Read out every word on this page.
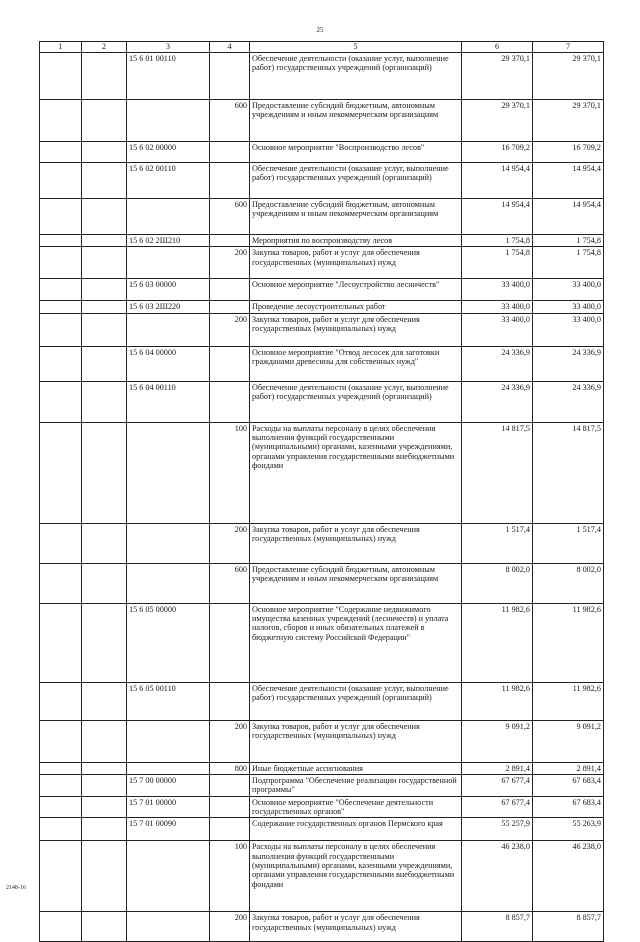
25
1	2	3	4	5	6	7
		15 6 01 00110		Обеспечение деятельности (оказание услуг, выполнение работ) государственных учреждений (организаций)	29 370,1	29 370,1
			600	Предоставление субсидий бюджетным, автономным учреждениям и иным некоммерческим организациям	29 370,1	29 370,1
		15 6 02 00000		Основное мероприятие "Воспроизводство лесов"	16 709,2	16 709,2
		15 6 02 00110		Обеспечение деятельности (оказание услуг, выполнение работ) государственных учреждений (организаций)	14 954,4	14 954,4
			600	Предоставление субсидий бюджетным, автономным учреждениям и иным некоммерческим организациям	14 954,4	14 954,4
		15 6 02 2Ш210		Мероприятия по воспроизводству лесов	1 754,8	1 754,8
			200	Закупка товаров, работ и услуг для обеспечения государственных (муниципальных) нужд	1 754,8	1 754,8
		15 6 03 00000		Основное мероприятие "Лесоустройство лесничеств"	33 400,0	33 400,0
		15 6 03 2Ш220		Проведение лесоустроительных работ	33 400,0	33 400,0
			200	Закупка товаров, работ и услуг для обеспечения государственных (муниципальных) нужд	33 400,0	33 400,0
		15 6 04 00000		Основное мероприятие "Отвод лесосек для заготовки гражданами древесины для собственных нужд"	24 336,9	24 336,9
		15 6 04 00110		Обеспечение деятельности (оказание услуг, выполнение работ) государственных учреждений (организаций)	24 336,9	24 336,9
			100	Расходы на выплаты персоналу в целях обеспечения выполнения функций государственными (муниципальными) органами, казенными учреждениями, органами управления государственными внебюджетными фондами	14 817,5	14 817,5
			200	Закупка товаров, работ и услуг для обеспечения государственных (муниципальных) нужд	1 517,4	1 517,4
			600	Предоставление субсидий бюджетным, автономным учреждениям и иным некоммерческим организациям	8 002,0	8 002,0
		15 6 05 00000		Основное мероприятие "Содержание недвижимого имущества казенных учреждений (лесничеств) и уплата налогов, сборов и иных обязательных платежей в бюджетную систему Российской Федерации"	11 982,6	11 982,6
		15 6 05 00110		Обеспечение деятельности (оказание услуг, выполнение работ) государственных учреждений (организаций)	11 982,6	11 982,6
			200	Закупка товаров, работ и услуг для обеспечения государственных (муниципальных) нужд	9 091,2	9 091,2
			800	Иные бюджетные ассигнования	2 891,4	2 891,4
		15 7 00 00000		Подпрограмма "Обеспечение реализации государственной программы"	67 677,4	67 683,4
		15 7 01 00000		Основное мероприятие "Обеспечение деятельности государственных органов"	67 677,4	67 683,4
		15 7 01 00090		Содержание государственных органов Пермского края	55 257,9	55 263,9
			100	Расходы на выплаты персоналу в целях обеспечения выполнения функций государственными (муниципальными) органами, казенными учреждениями, органами управления государственными внебюджетными фондами	46 238,0	46 238,0
			200	Закупка товаров, работ и услуг для обеспечения государственных (муниципальных) нужд	8 857,7	8 857,7
2148-16
